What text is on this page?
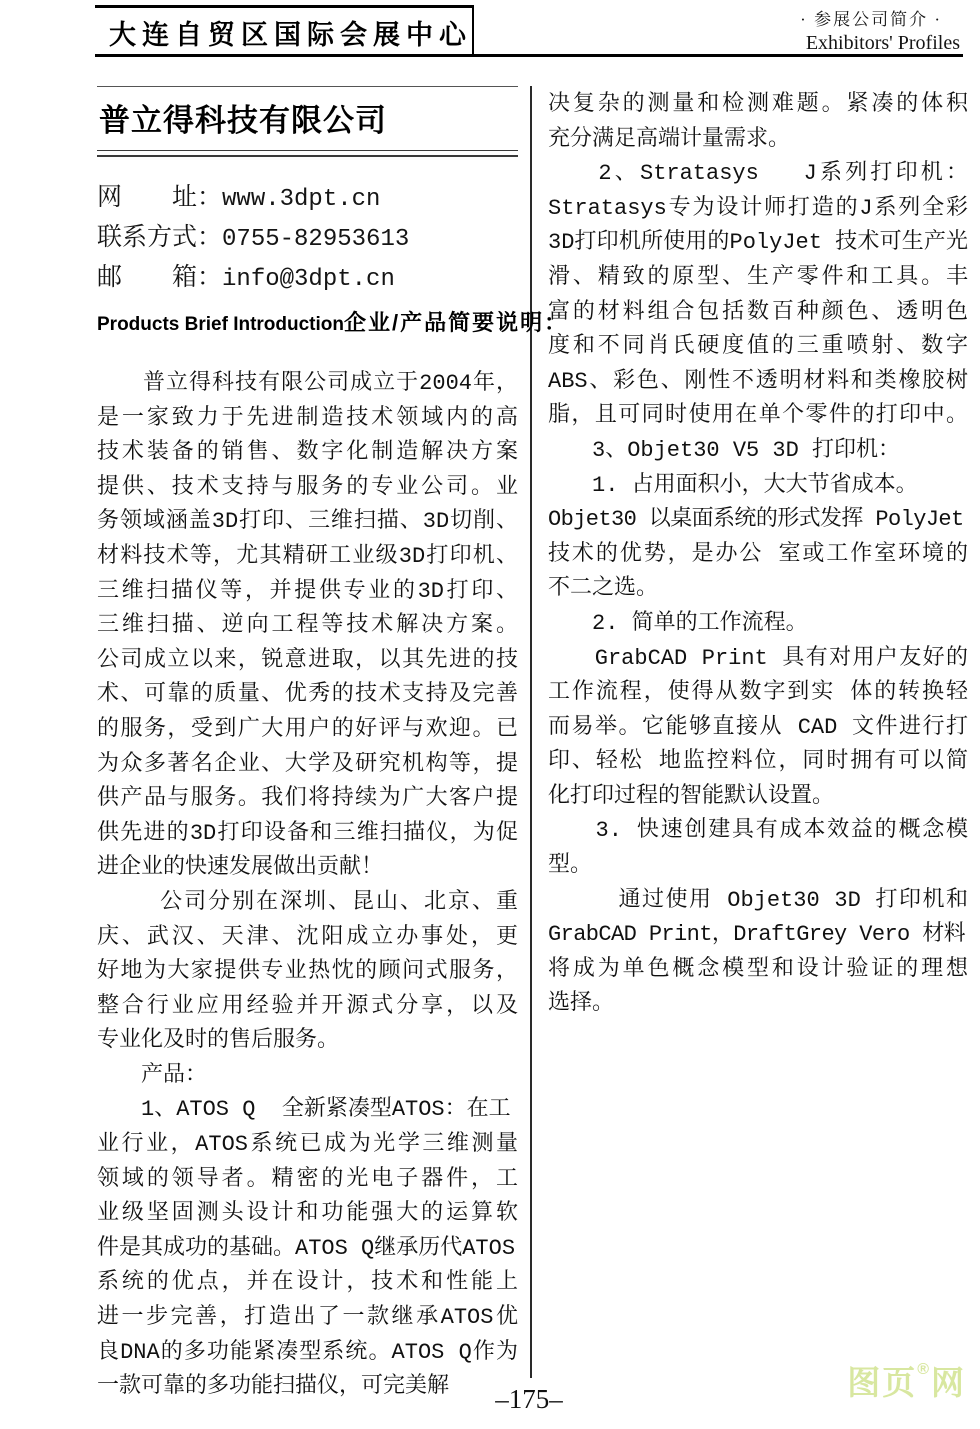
大连自贸区国际会展中心
· 参展公司简介 ·
Exhibitors' Profiles
普立得科技有限公司
网　　址：www.3dpt.cn
联系方式：0755-82953613
邮　　箱：info@3dpt.cn
Products Brief Introduction企业/产品简要说明：
　　普立得科技有限公司成立于2004年，
是一家致力于先进制造技术领域内的高
技术装备的销售、数字化制造解决方案
提供、技术支持与服务的专业公司。业
务领域涵盖3D打印、三维扫描、3D切削、
材料技术等，尤其精研工业级3D打印机、
三维扫描仪等，并提供专业的3D打印、
三维扫描、逆向工程等技术解决方案。
公司成立以来，锐意进取，以其先进的技
术、可靠的质量、优秀的技术支持及完善
的服务，受到广大用户的好评与欢迎。已
为众多著名企业、大学及研究机构等，提
供产品与服务。我们将持续为广大客户提
供先进的3D打印设备和三维扫描仪，为促
进企业的快速发展做出贡献！
　　 公司分别在深圳、昆山、北京、重
庆、武汉、天津、沈阳成立办事处，更
好地为大家提供专业热忱的顾问式服务，
整合行业应用经验并开源式分享，以及
专业化及时的售后服务。
　　产品：
　　1、ATOS Q  全新紧凑型ATOS：在工
业行业，ATOS系统已成为光学三维测量
领域的领导者。精密的光电子器件，工
业级坚固测头设计和功能强大的运算软
件是其成功的基础。ATOS Q继承历代ATOS
系统的优点，并在设计，技术和性能上
进一步完善，打造出了一款继承ATOS优
良DNA的多功能紧凑型系统。ATOS Q作为
一款可靠的多功能扫描仪，可完美解
决复杂的测量和检测难题。紧凑的体积
充分满足高端计量需求。
　　2、Stratasys　 J系列打印机：
Stratasys专为设计师打造的J系列全彩
3D打印机所使用的PolyJet 技术可生产光
滑、精致的原型、生产零件和工具。丰
富的材料组合包括数百种颜色、透明色
度和不同肖氏硬度值的三重喷射、数字
ABS、彩色、刚性不透明材料和类橡胶树
脂，且可同时使用在单个零件的打印中。
　　3、Objet30 V5 3D 打印机：
　　1. 占用面积小，大大节省成本。
Objet30 以桌面系统的形式发挥 PolyJet
技术的优势，是办公 室或工作室环境的
不二之选。
　　2. 简单的工作流程。
　　GrabCAD Print 具有对用户友好的
工作流程，使得从数字到实 体的转换轻
而易举。它能够直接从 CAD 文件进行打
印、轻松 地监控料位，同时拥有可以简
化打印过程的智能默认设置。
　　3. 快速创建具有成本效益的概念模
型。
　　　通过使用 Objet30 3D 打印机和
GrabCAD Print，DraftGrey Vero 材料
将成为单色概念模型和设计验证的理想
选择。
–175–	图页 ® 网
